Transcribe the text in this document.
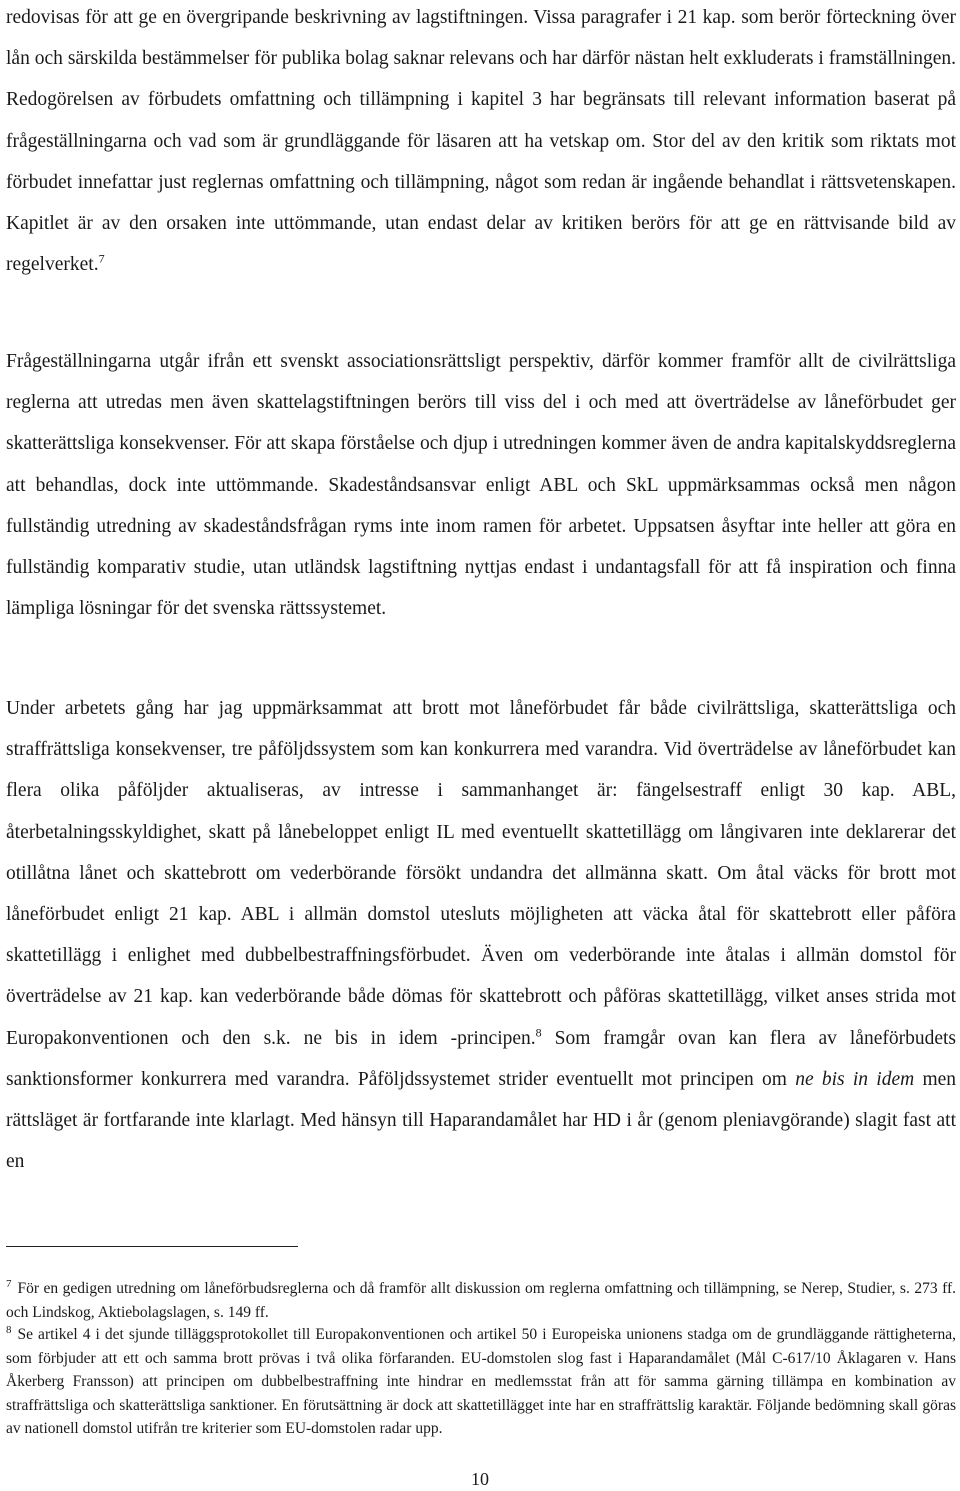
redovisas för att ge en övergripande beskrivning av lagstiftningen. Vissa paragrafer i 21 kap. som berör förteckning över lån och särskilda bestämmelser för publika bolag saknar relevans och har därför nästan helt exkluderats i framställningen. Redogörelsen av förbudets omfattning och tillämpning i kapitel 3 har begränsats till relevant information baserat på frågeställningarna och vad som är grundläggande för läsaren att ha vetskap om. Stor del av den kritik som riktats mot förbudet innefattar just reglernas omfattning och tillämpning, något som redan är ingående behandlat i rättsvetenskapen. Kapitlet är av den orsaken inte uttömmande, utan endast delar av kritiken berörs för att ge en rättvisande bild av regelverket.$^7$

Frågeställningarna utgår ifrån ett svenskt associationsrättsligt perspektiv, därför kommer framför allt de civilrättsliga reglerna att utredas men även skattelagstiftningen berörs till viss del i och med att överträdelse av låneförbudet ger skatterättsliga konsekvenser. För att skapa förståelse och djup i utredningen kommer även de andra kapitalskyddsreglerna att behandlas, dock inte uttömmande. Skadeståndsansvar enligt ABL och SkL uppmärksammas också men någon fullständig utredning av skadeståndsfrågan ryms inte inom ramen för arbetet. Uppsatsen åsyftar inte heller att göra en fullständig komparativ studie, utan utländsk lagstiftning nyttjas endast i undantagsfall för att få inspiration och finna lämpliga lösningar för det svenska rättssystemet.

Under arbetets gång har jag uppmärksammat att brott mot låneförbudet får både civilrättsliga, skatterättsliga och straffrättsliga konsekvenser, tre påföljdssystem som kan konkurrera med varandra. Vid överträdelse av låneförbudet kan flera olika påföljder aktualiseras, av intresse i sammanhanget är: fängelsestraff enligt 30 kap. ABL, återbetalningsskyldighet, skatt på lånebeloppet enligt IL med eventuellt skattetillägg om långivaren inte deklarerar det otillåtna lånet och skattebrott om vederbörande försökt undandra det allmänna skatt. Om åtal väcks för brott mot låneförbudet enligt 21 kap. ABL i allmän domstol utesluts möjligheten att väcka åtal för skattebrott eller påföra skattetillägg i enlighet med dubbelbestraffningsförbudet. Även om vederbörande inte åtalas i allmän domstol för överträdelse av 21 kap. kan vederbörande både dömas för skattebrott och påföras skattetillägg, vilket anses strida mot Europakonventionen och den s.k. ne bis in idem -principen.$^8$ Som framgår ovan kan flera av låneförbudets sanktionsformer konkurrera med varandra. Påföljdssystemet strider eventuellt mot principen om ne bis in idem men rättsläget är fortfarande inte klarlagt. Med hänsyn till Haparandamålet har HD i år (genom pleniavgörande) slagit fast att en

$^7$ För en gedigen utredning om låneförbudsreglerna och då framför allt diskussion om reglerna omfattning och tillämpning, se Nerep, Studier, s. 273 ff. och Lindskog, Aktiebolagslagen, s. 149 ff.

$^8$ Se artikel 4 i det sjunde tilläggsprotokollet till Europakonventionen och artikel 50 i Europeiska unionens stadga om de grundläggande rättigheterna, som förbjuder att ett och samma brott prövas i två olika förfaranden. EU-domstolen slog fast i Haparandamålet (Mål C-617/10 Åklagaren v. Hans Åkerberg Fransson) att principen om dubbelbestraffning inte hindrar en medlemsstat från att för samma gärning tillämpa en kombination av straffrättsliga och skatterättsliga sanktioner. En förutsättning är dock att skattetillägget inte har en straffrättslig karaktär. Följande bedömning skall göras av nationell domstol utifrån tre kriterier som EU-domstolen radar upp.

10
